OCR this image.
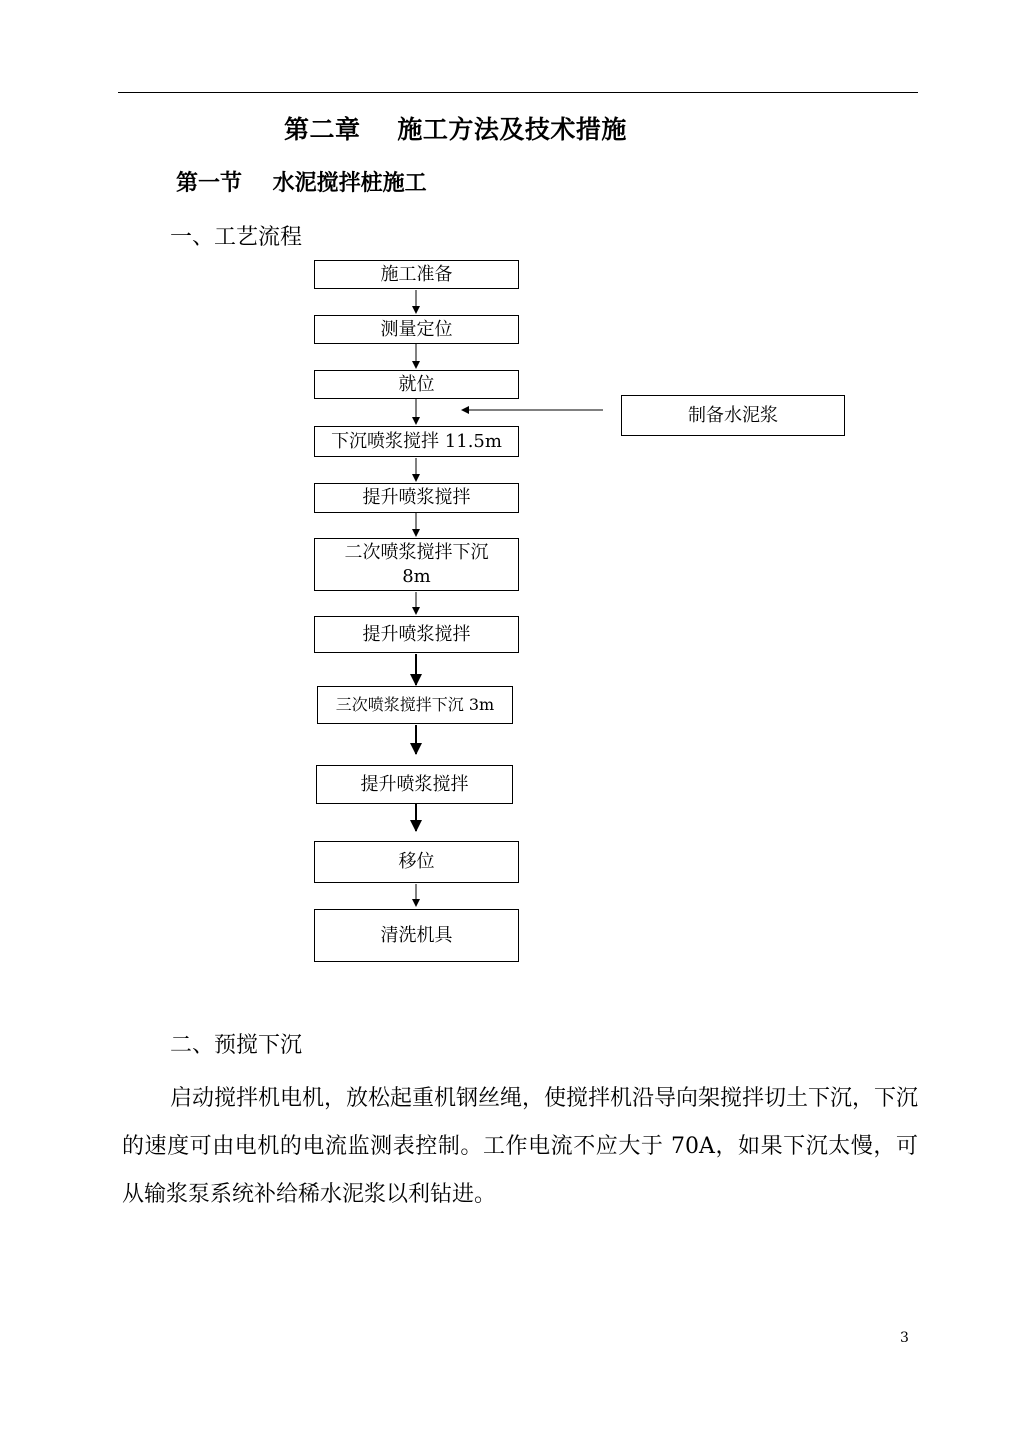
第二章    施工方法及技术措施
第一节    水泥搅拌桩施工
一、工艺流程
施工准备
测量定位
就位
下沉喷浆搅拌 11.5m
提升喷浆搅拌
二次喷浆搅拌下沉 8m
提升喷浆搅拌
三次喷浆搅拌下沉 3m
提升喷浆搅拌
移位
清洗机具
制备水泥浆
二、预搅下沉

启动搅拌机电机，放松起重机钢丝绳，使搅拌机沿导向架搅拌切土下沉，下沉的速度可由电机的电流监测表控制。工作电流不应大于 70A，如果下沉太慢，可从输浆泵系统补给稀水泥浆以利钻进。

3
